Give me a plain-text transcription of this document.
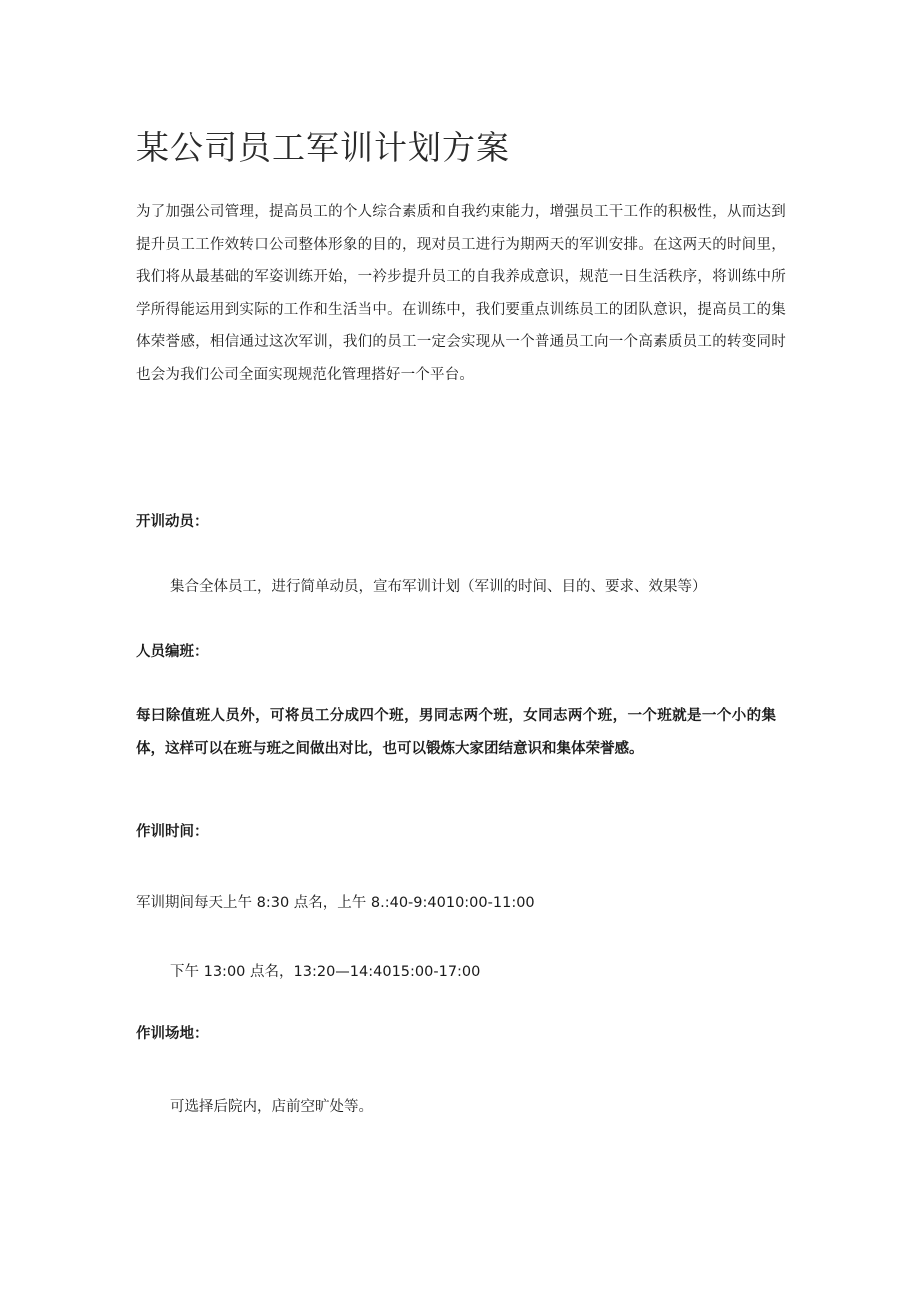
某公司员工军训计划方案

为了加强公司管理，提高员工的个人综合素质和自我约束能力，增强员工干工作的积极性，从而达到提升员工工作效转口公司整体形象的目的，现对员工进行为期两天的军训安排。在这两天的时间里，我们将从最基础的军姿训练开始，一衿步提升员工的自我养成意识，规范一日生活秩序，将训练中所学所得能运用到实际的工作和生活当中。在训练中，我们要重点训练员工的团队意识，提高员工的集体荣誉感，相信通过这次军训，我们的员工一定会实现从一个普通员工向一个高素质员工的转变同时也会为我们公司全面实现规范化管理搭好一个平台。

开训动员：

集合全体员工，进行简单动员，宣布军训计划（军训的时间、目的、要求、效果等）

人员编班：

每曰除值班人员外，可将员工分成四个班，男同志两个班，女同志两个班，一个班就是一个小的集体，这样可以在班与班之间做出对比，也可以锻炼大家团结意识和集体荣誉感。

作训时间：

军训期间每天上午 8:30 点名，上午 8.:40-9:4010:00-11:00

下午 13:00 点名，13:20—14:4015:00-17:00

作训场地：

可选择后院内，店前空旷处等。
